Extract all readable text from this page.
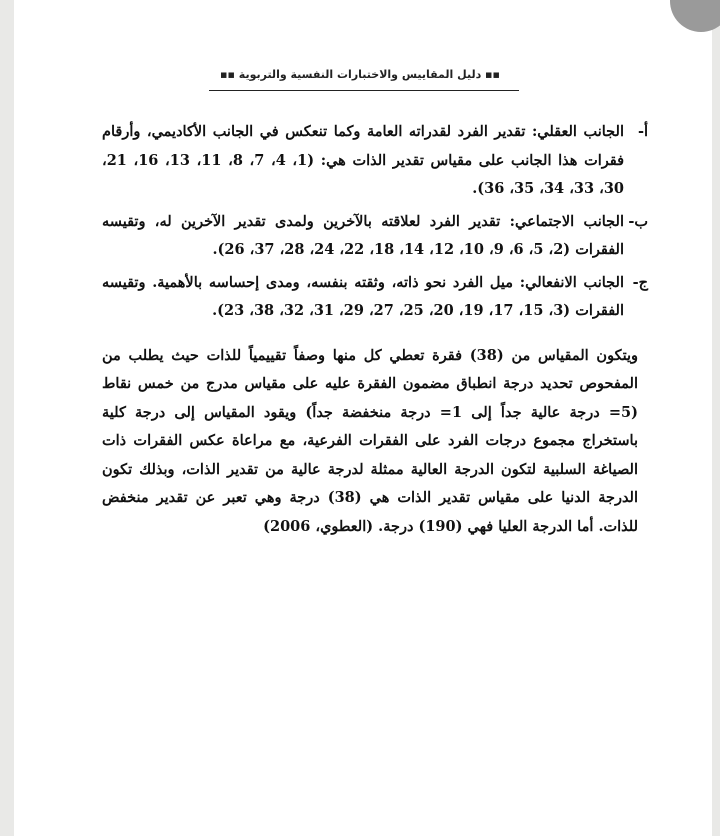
▪▪ دليل المقاييس والاختبارات النفسية والتربوية ▪▪
أ-
الجانب العقلي: تقدير الفرد لقدراته العامة وكما تنعكس في الجانب الأكاديمي، وأرقام فقرات هذا الجانب على مقياس تقدير الذات هي: (1، 4، 7، 8، 11، 13، 16، 21، 30، 33، 34، 35، 36).
ب-
الجانب الاجتماعي: تقدير الفرد لعلاقته بالآخرين ولمدى تقدير الآخرين له، وتقيسه الفقرات (2، 5، 6، 9، 10، 12، 14، 18، 22، 24، 28، 37، 26).
ج-
الجانب الانفعالي: ميل الفرد نحو ذاته، وثقته بنفسه، ومدى إحساسه بالأهمية. وتقيسه الفقرات (3، 15، 17، 19، 20، 25، 27، 29، 31، 32، 38، 23).
ويتكون المقياس من (38) فقرة تعطي كل منها وصفاً تقييمياً للذات حيث يطلب من المفحوص تحديد درجة انطباق مضمون الفقرة عليه على مقياس مدرج من خمس نقاط (5= درجة عالية جداً إلى 1= درجة منخفضة جداً) ويقود المقياس إلى درجة كلية باستخراج مجموع درجات الفرد على الفقرات الفرعية، مع مراعاة عكس الفقرات ذات الصياغة السلبية لتكون الدرجة العالية ممثلة لدرجة عالية من تقدير الذات، وبذلك تكون الدرجة الدنيا على مقياس تقدير الذات هي (38) درجة وهي تعبر عن تقدير منخفض للذات. أما الدرجة العليا فهي (190) درجة. (العطوي، 2006)
